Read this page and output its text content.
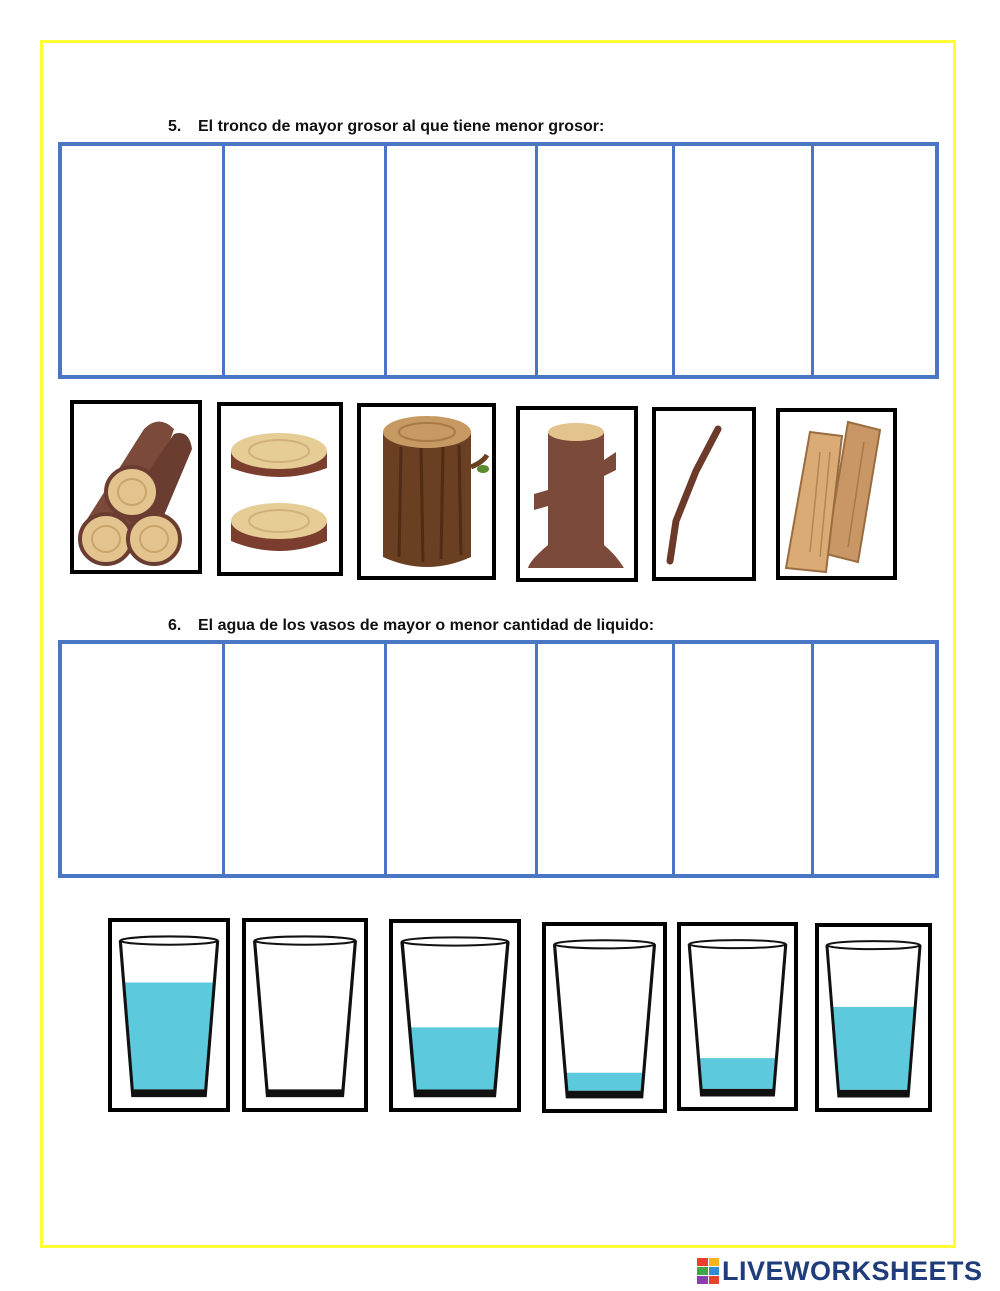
5. El tronco de mayor grosor al que tiene menor grosor:
6. El agua de los vasos de mayor o menor cantidad de liquido:
LIVEWORKSHEETS
